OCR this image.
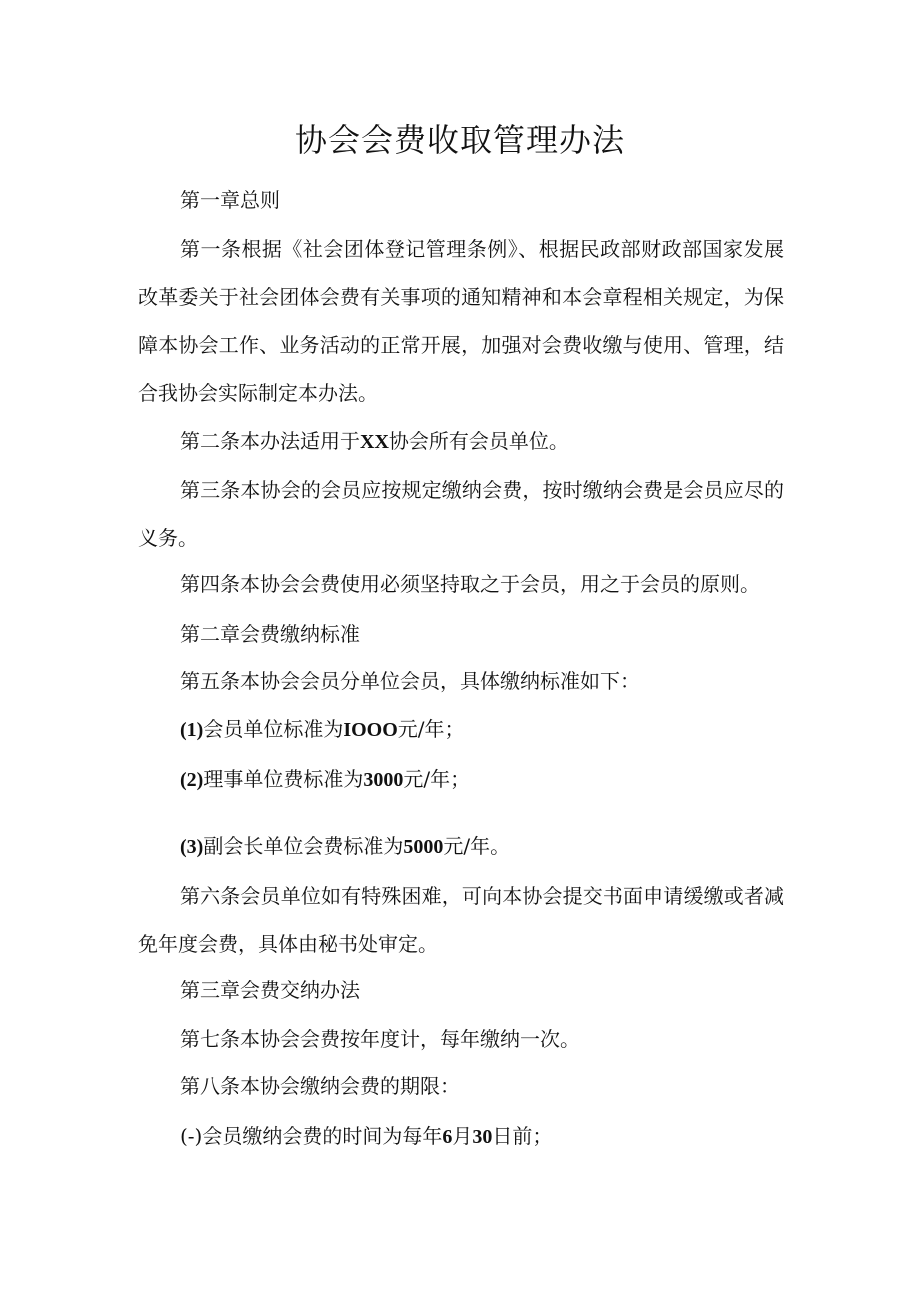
协会会费收取管理办法
第一章总则
第一条根据《社会团体登记管理条例》、根据民政部财政部国家发展改革委关于社会团体会费有关事项的通知精神和本会章程相关规定，为保障本协会工作、业务活动的正常开展，加强对会费收缴与使用、管理，结合我协会实际制定本办法。
第二条本办法适用于XX协会所有会员单位。
第三条本协会的会员应按规定缴纳会费，按时缴纳会费是会员应尽的义务。
第四条本协会会费使用必须坚持取之于会员，用之于会员的原则。
第二章会费缴纳标准
第五条本协会会员分单位会员，具体缴纳标准如下：
(1)会员单位标准为IOOO元/年；
(2)理事单位费标准为3000元/年；
(3)副会长单位会费标准为5000元/年。
第六条会员单位如有特殊困难，可向本协会提交书面申请缓缴或者减免年度会费，具体由秘书处审定。
第三章会费交纳办法
第七条本协会会费按年度计，每年缴纳一次。
第八条本协会缴纳会费的期限：
(-)会员缴纳会费的时间为每年6月30日前；
